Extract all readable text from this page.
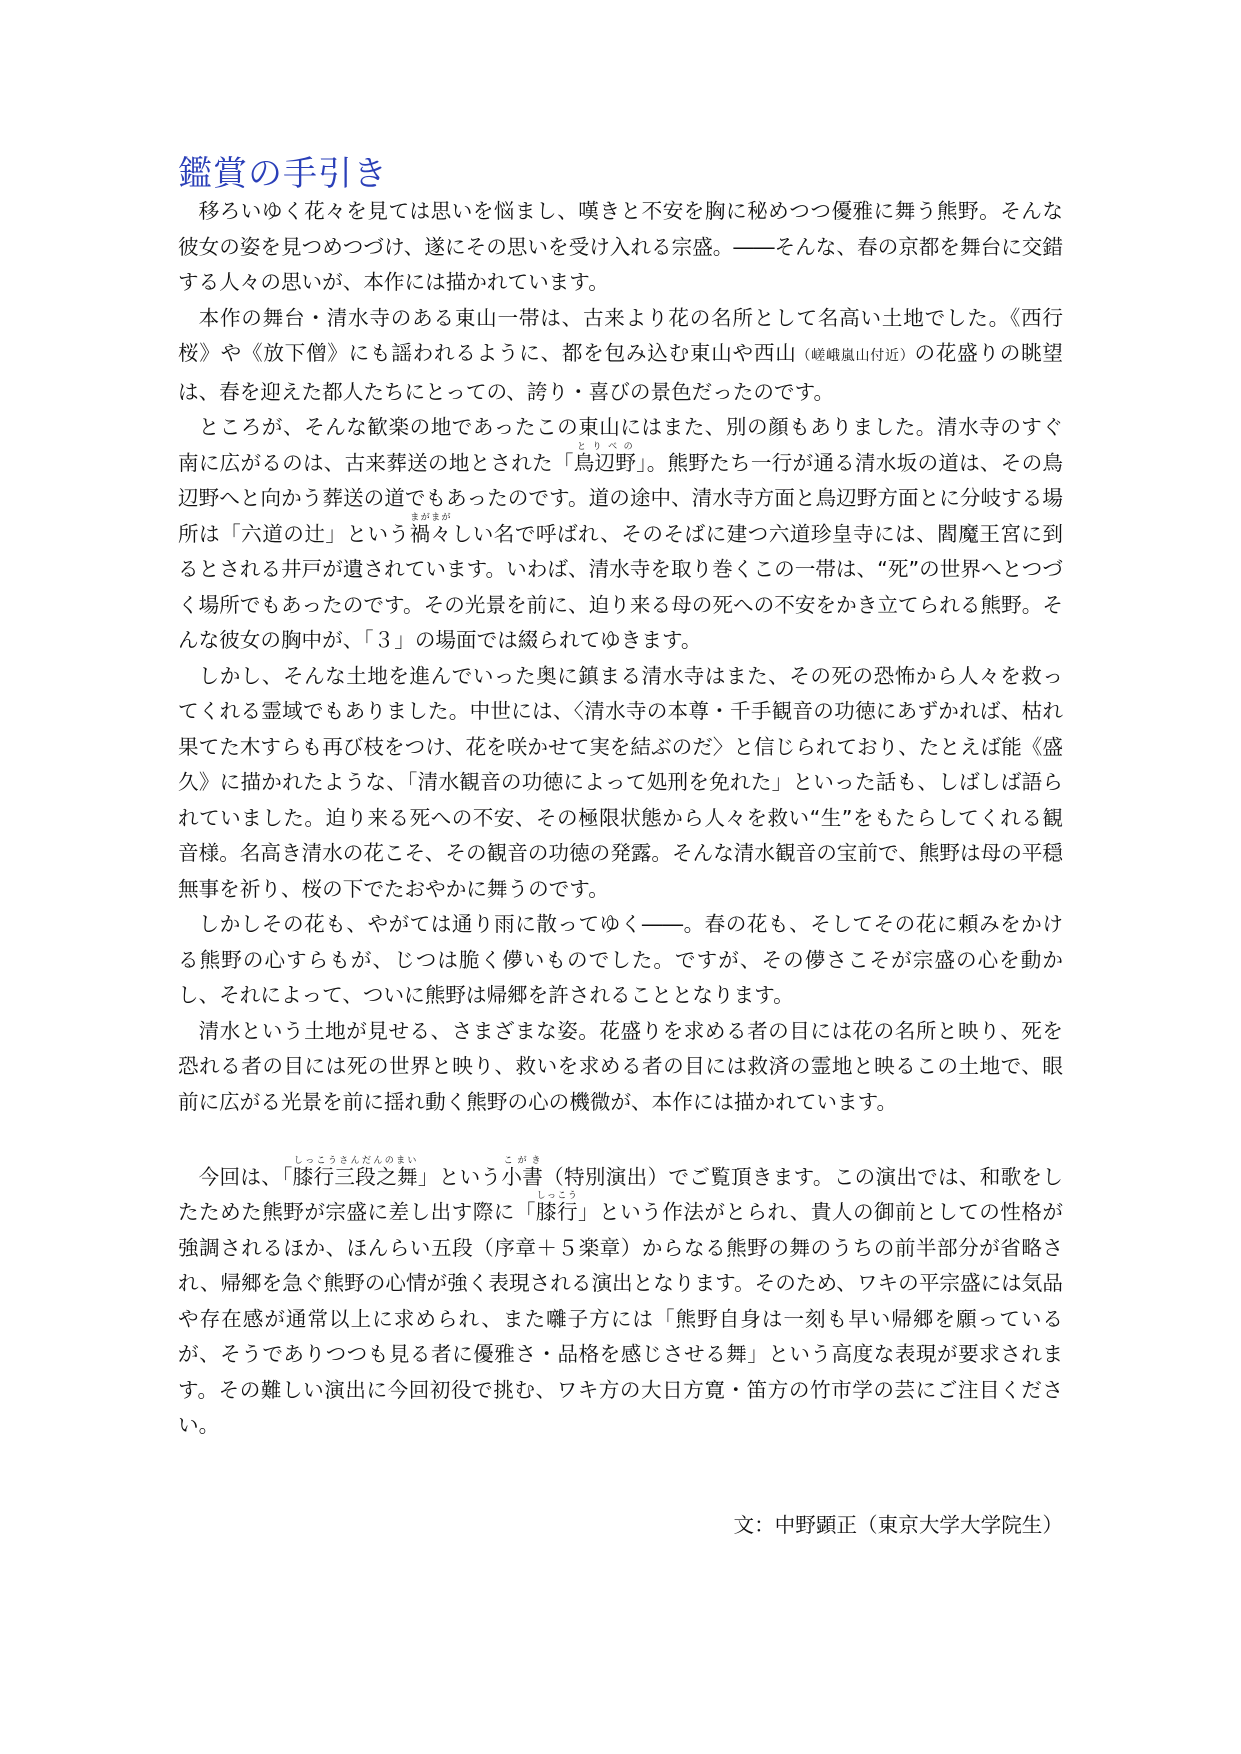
鑑賞の手引き

移ろいゆく花々を見ては思いを悩まし、嘆きと不安を胸に秘めつつ優雅に舞う熊野。そんな彼女の姿を見つめつづけ、遂にその思いを受け入れる宗盛。――そんな、春の京都を舞台に交錯する人々の思いが、本作には描かれています。

本作の舞台・清水寺のある東山一帯は、古来より花の名所として名高い土地でした。《西行桜》や《放下僧》にも謡われるように、都を包み込む東山や西山（嵯峨嵐山付近）の花盛りの眺望は、春を迎えた都人たちにとっての、誇り・喜びの景色だったのです。

ところが、そんな歓楽の地であったこの東山にはまた、別の顔もありました。清水寺のすぐ南に広がるのは、古来葬送の地とされた「鳥辺野とりべの」。熊野たち一行が通る清水坂の道は、その鳥辺野へと向かう葬送の道でもあったのです。道の途中、清水寺方面と鳥辺野方面とに分岐する場所は「六道の辻」という禍々まがまがしい名で呼ばれ、そのそばに建つ六道珍皇寺には、閻魔王宮に到るとされる井戸が遺されています。いわば、清水寺を取り巻くこの一帯は、“死”の世界へとつづく場所でもあったのです。その光景を前に、迫り来る母の死への不安をかき立てられる熊野。そんな彼女の胸中が、「３」の場面では綴られてゆきます。

しかし、そんな土地を進んでいった奥に鎮まる清水寺はまた、その死の恐怖から人々を救ってくれる霊域でもありました。中世には、〈清水寺の本尊・千手観音の功徳にあずかれば、枯れ果てた木すらも再び枝をつけ、花を咲かせて実を結ぶのだ〉と信じられており、たとえば能《盛久》に描かれたような、「清水観音の功徳によって処刑を免れた」といった話も、しばしば語られていました。迫り来る死への不安、その極限状態から人々を救い“生”をもたらしてくれる観音様。名高き清水の花こそ、その観音の功徳の発露。そんな清水観音の宝前で、熊野は母の平穏無事を祈り、桜の下でたおやかに舞うのです。

しかしその花も、やがては通り雨に散ってゆく――。春の花も、そしてその花に頼みをかける熊野の心すらもが、じつは脆く儚いものでした。ですが、その儚さこそが宗盛の心を動かし、それによって、ついに熊野は帰郷を許されることとなります。

清水という土地が見せる、さまざまな姿。花盛りを求める者の目には花の名所と映り、死を恐れる者の目には死の世界と映り、救いを求める者の目には救済の霊地と映るこの土地で、眼前に広がる光景を前に揺れ動く熊野の心の機微が、本作には描かれています。

今回は、「膝行三段之舞しっこうさんだんのまい」という小書こがき（特別演出）でご覧頂きます。この演出では、和歌をしたためた熊野が宗盛に差し出す際に「膝行しっこう」という作法がとられ、貴人の御前としての性格が強調されるほか、ほんらい五段（序章＋５楽章）からなる熊野の舞のうちの前半部分が省略され、帰郷を急ぐ熊野の心情が強く表現される演出となります。そのため、ワキの平宗盛には気品や存在感が通常以上に求められ、また囃子方には「熊野自身は一刻も早い帰郷を願っているが、そうでありつつも見る者に優雅さ・品格を感じさせる舞」という高度な表現が要求されます。その難しい演出に今回初役で挑む、ワキ方の大日方寛・笛方の竹市学の芸にご注目ください。

文：中野顕正（東京大学大学院生）
